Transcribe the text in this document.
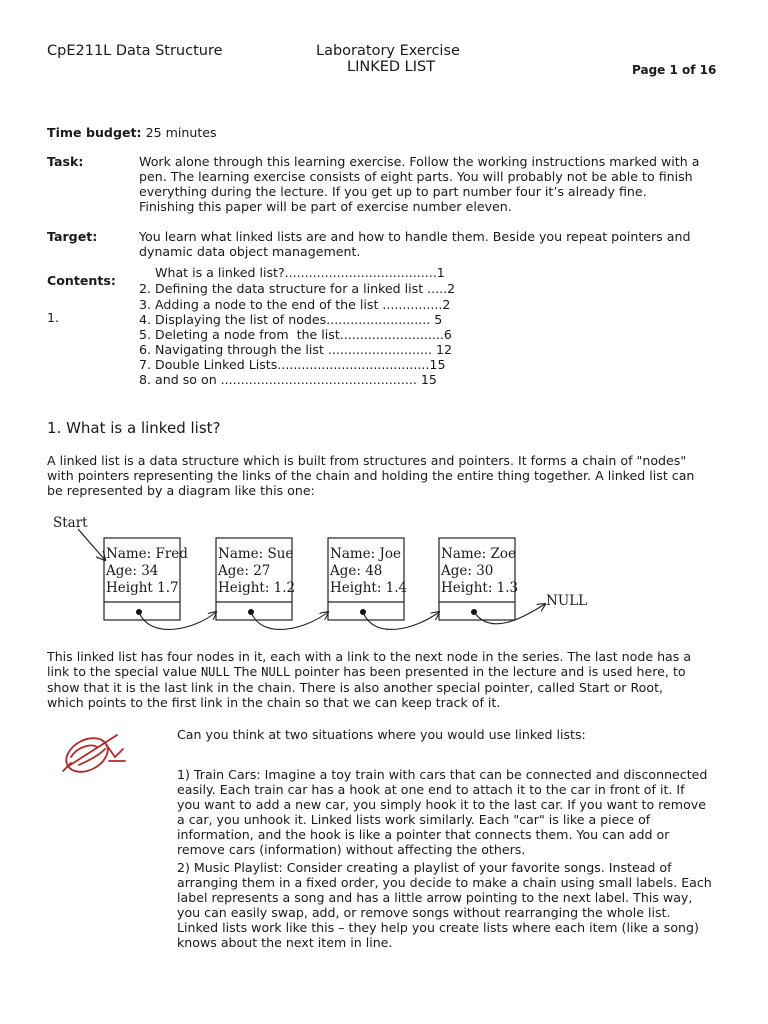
CpE211L Data Structure	Laboratory Exercise
LINKED LIST	Page 1 of 16
Time budget: 25 minutes
Task:	Work alone through this learning exercise. Follow the working instructions marked with a
pen. The learning exercise consists of eight parts. You will probably not be able to finish
everything during the lecture. If you get up to part number four it’s already fine.
Finishing this paper will be part of exercise number eleven.
Target:	You learn what linked lists are and how to handle them. Beside you repeat pointers and
dynamic data object management.
Contents:
1.
What is a linked list?......................................1
2. Defining the data structure for a linked list .....2
3. Adding a node to the end of the list ...............2
4. Displaying the list of nodes.......................... 5
5. Deleting a node from  the list..........................6
6. Navigating through the list .......................... 12
7. Double Linked Lists......................................15
8. and so on ................................................. 15
1. What is a linked list?
A linked list is a data structure which is built from structures and pointers. It forms a chain of "nodes"
with pointers representing the links of the chain and holding the entire thing together. A linked list can
be represented by a diagram like this one:
Start
NULL
Name: Fred
Age: 34
Height 1.7
Name: Sue
Age: 27
Height: 1.2
Name: Joe
Age: 48
Height: 1.4
Name: Zoe
Age: 30
Height: 1.3
This linked list has four nodes in it, each with a link to the next node in the series. The last node has a
link to the special value NULL The NULL pointer has been presented in the lecture and is used here, to
show that it is the last link in the chain. There is also another special pointer, called Start or Root,
which points to the first link in the chain so that we can keep track of it.
Can you think at two situations where you would use linked lists:
1) Train Cars: Imagine a toy train with cars that can be connected and disconnected
easily. Each train car has a hook at one end to attach it to the car in front of it. If
you want to add a new car, you simply hook it to the last car. If you want to remove
a car, you unhook it. Linked lists work similarly. Each "car" is like a piece of
information, and the hook is like a pointer that connects them. You can add or
remove cars (information) without affecting the others.
2) Music Playlist: Consider creating a playlist of your favorite songs. Instead of
arranging them in a fixed order, you decide to make a chain using small labels. Each
label represents a song and has a little arrow pointing to the next label. This way,
you can easily swap, add, or remove songs without rearranging the whole list.
Linked lists work like this – they help you create lists where each item (like a song)
knows about the next item in line.
